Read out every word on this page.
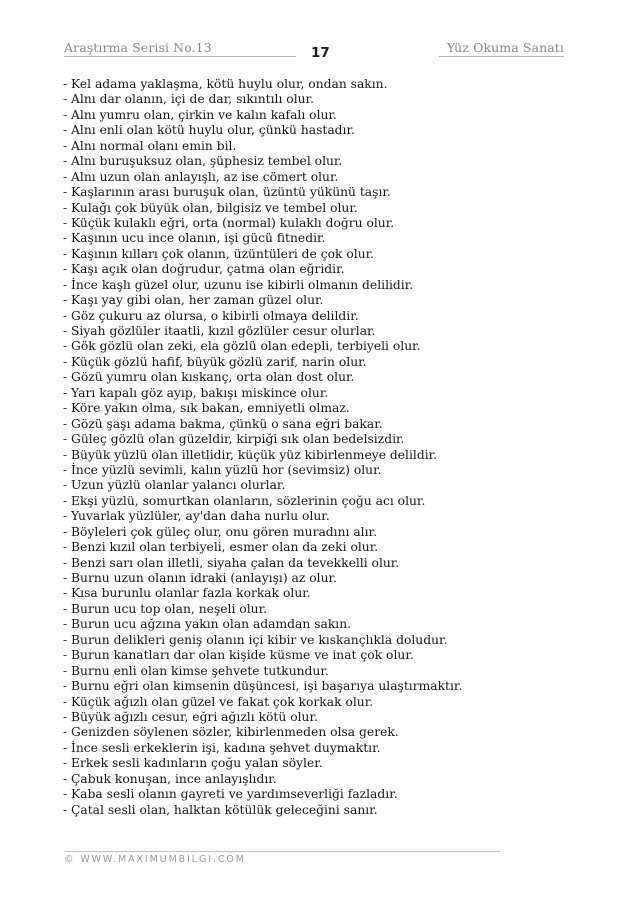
Araştırma Serisi No.13	17	Yüz Okuma Sanatı
- Kel adama yaklaşma, kötü huylu olur, ondan sakın.
- Alnı dar olanın, içi de dar, sıkıntılı olur.
- Alnı yumru olan, çirkin ve kalın kafalı olur.
- Alnı enli olan kötü huylu olur, çünkü hastadır.
- Alnı normal olanı emin bil.
- Alnı buruşuksuz olan, şüphesiz tembel olur.
- Alnı uzun olan anlayışlı, az ise cömert olur.
- Kaşlarının arası buruşuk olan, üzüntü yükünü taşır.
- Kulağı çok büyük olan, bilgisiz ve tembel olur.
- Küçük kulaklı eğri, orta (normal) kulaklı doğru olur.
- Kaşının ucu ince olanın, işi gücü fitnedir.
- Kaşının kılları çok olanın, üzüntüleri de çok olur.
- Kaşı açık olan doğrudur, çatma olan eğridir.
- İnce kaşlı güzel olur, uzunu ise kibirli olmanın delilidir.
- Kaşı yay gibi olan, her zaman güzel olur.
- Göz çukuru az olursa, o kibirli olmaya delildir.
- Siyah gözlüler itaatli, kızıl gözlüler cesur olurlar.
- Gök gözlü olan zeki, ela gözlü olan edepli, terbiyeli olur.
- Küçük gözlü hafif, büyük gözlü zarif, narin olur.
- Gözü yumru olan kıskanç, orta olan dost olur.
- Yarı kapalı göz ayıp, bakışı miskince olur.
- Köre yakın olma, sık bakan, emniyetli olmaz.
- Gözü şaşı adama bakma, çünkü o sana eğri bakar.
- Güleç gözlü olan güzeldir, kirpiği sık olan bedelsizdir.
- Büyük yüzlü olan illetlidir, küçük yüz kibirlenmeye delildir.
- İnce yüzlü sevimli, kalın yüzlü hor (sevimsiz) olur.
- Uzun yüzlü olanlar yalancı olurlar.
- Ekşi yüzlü, somurtkan olanların, sözlerinin çoğu acı olur.
- Yuvarlak yüzlüler, ay'dan daha nurlu olur.
- Böyleleri çok güleç olur, onu gören muradını alır.
- Benzi kızıl olan terbiyeli, esmer olan da zeki olur.
- Benzi sarı olan illetli, siyaha çalan da tevekkelli olur.
- Burnu uzun olanın idraki (anlayışı) az olur.
- Kısa burunlu olanlar fazla korkak olur.
- Burun ucu top olan, neşeli olur.
- Burun ucu ağzına yakın olan adamdan sakın.
- Burun delikleri geniş olanın içi kibir ve kıskançlıkla doludur.
- Burun kanatları dar olan kişide küsme ve inat çok olur.
- Burnu enli olan kimse şehvete tutkundur.
- Burnu eğri olan kimsenin düşüncesi, işi başarıya ulaştırmaktır.
- Küçük ağızlı olan güzel ve fakat çok korkak olur.
- Büyük ağızlı cesur, eğri ağızlı kötü olur.
- Genizden söylenen sözler, kibirlenmeden olsa gerek.
- İnce sesli erkeklerin işi, kadına şehvet duymaktır.
- Erkek sesli kadınların çoğu yalan söyler.
- Çabuk konuşan, ince anlayışlıdır.
- Kaba sesli olanın gayreti ve yardımseverliği fazladır.
- Çatal sesli olan, halktan kötülük geleceğini sanır.
© WWW.MAXIMUMBILGI.COM
